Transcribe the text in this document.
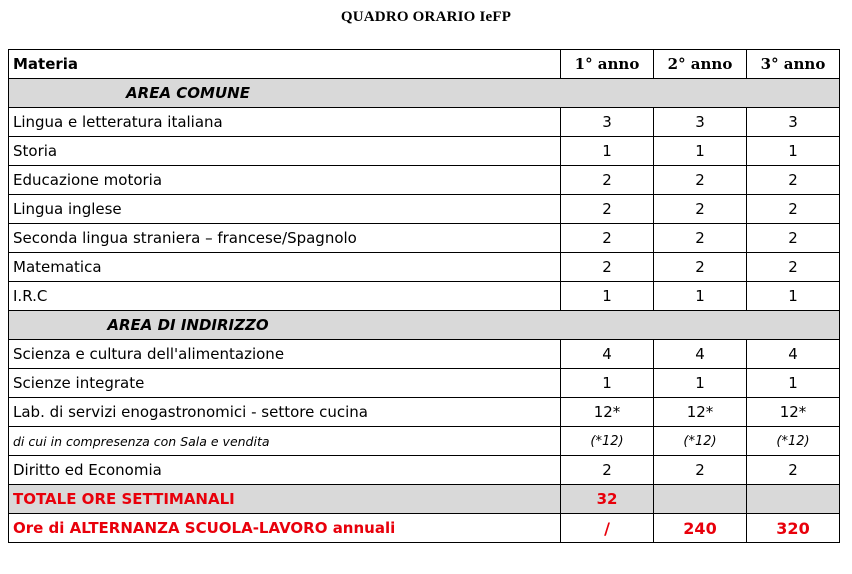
QUADRO ORARIO IeFP
Materia	1° anno	2° anno	3° anno
AREA COMUNE			
Lingua e letteratura italiana	3	3	3
Storia	1	1	1
Educazione motoria	2	2	2
Lingua inglese	2	2	2
Seconda lingua straniera – francese/Spagnolo	2	2	2
Matematica	2	2	2
I.R.C	1	1	1
AREA DI INDIRIZZO			
Scienza e cultura dell'alimentazione	4	4	4
Scienze integrate	1	1	1
Lab. di servizi enogastronomici - settore cucina	12*	12*	12*
di cui in compresenza con Sala e vendita	(*12)	(*12)	(*12)
Diritto ed Economia	2	2	2
TOTALE ORE SETTIMANALI	32		
Ore di ALTERNANZA SCUOLA-LAVORO annuali	/	240	320
